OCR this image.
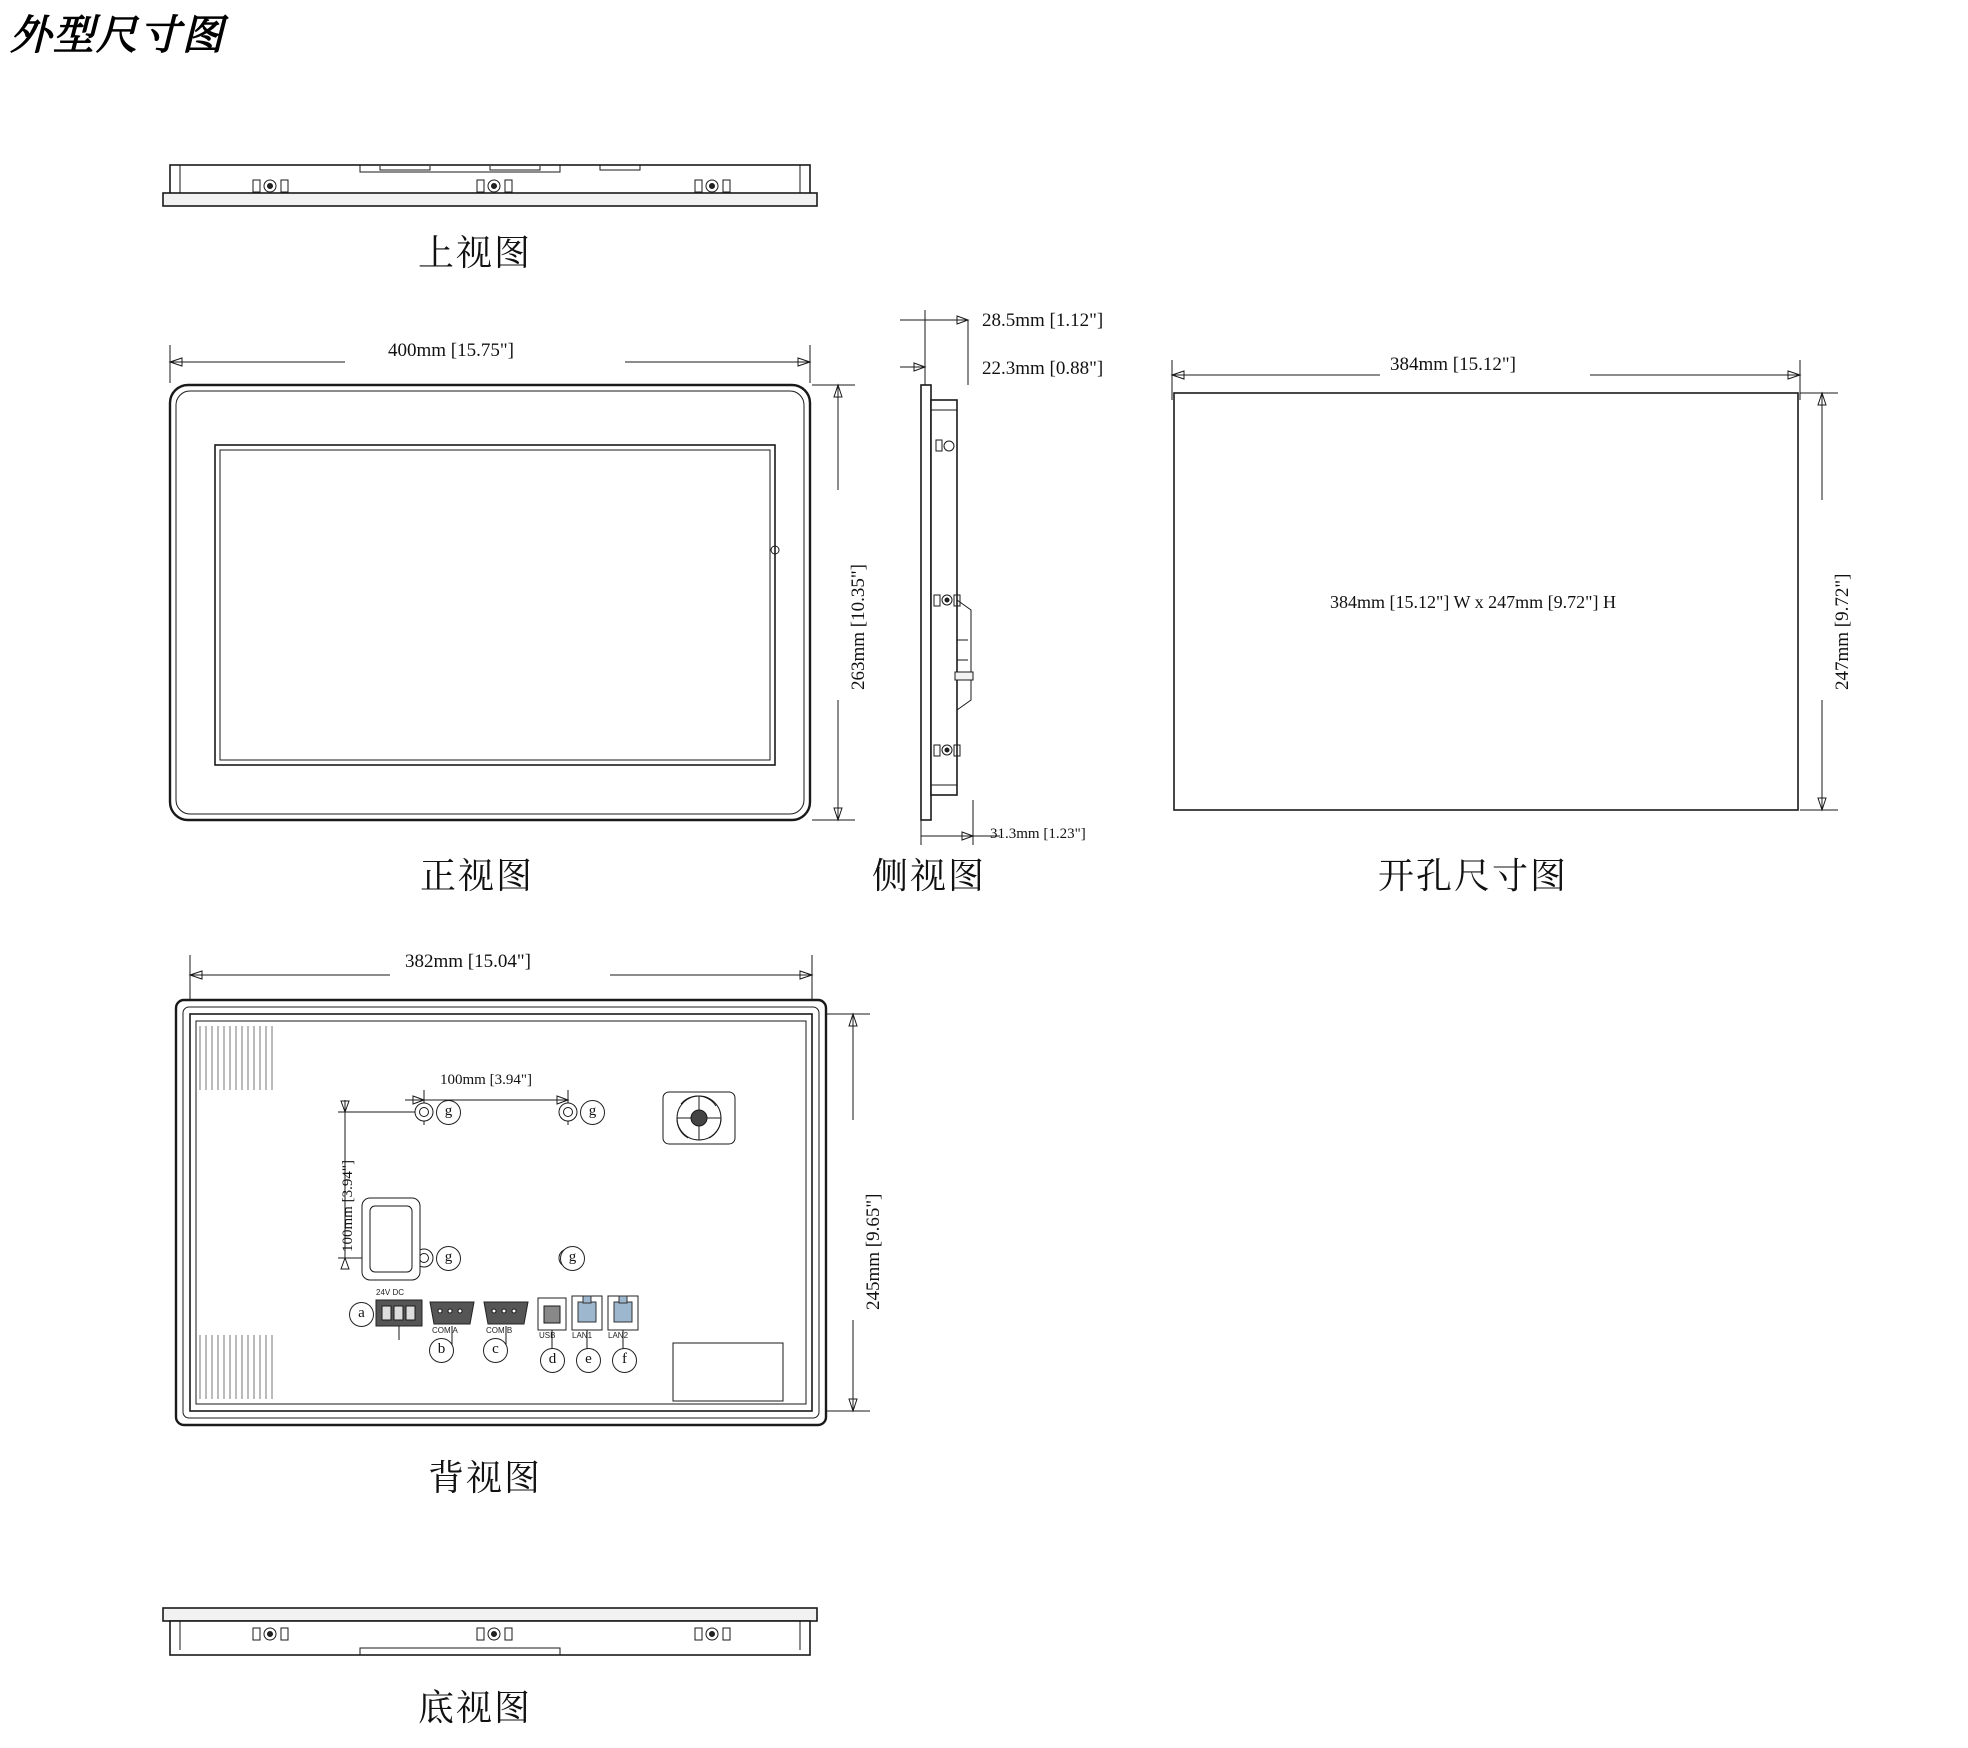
外型尺寸图
上视图
正视图	侧视图	开孔尺寸图
背视图
底视图
400mm [15.75"]
263mm [10.35"]
28.5mm [1.12"]
22.3mm [0.88"]
31.3mm [1.23"]
384mm [15.12"]
247mm [9.72"]
384mm [15.12"] W x 247mm [9.72"] H
382mm [15.04"]
245mm [9.65"]
100mm [3.94"]
100mm [3.94"]
g	g
g	g
a
b	c
d	e	f
24V DC
COM A	COM B
USB LAN1 LAN2
